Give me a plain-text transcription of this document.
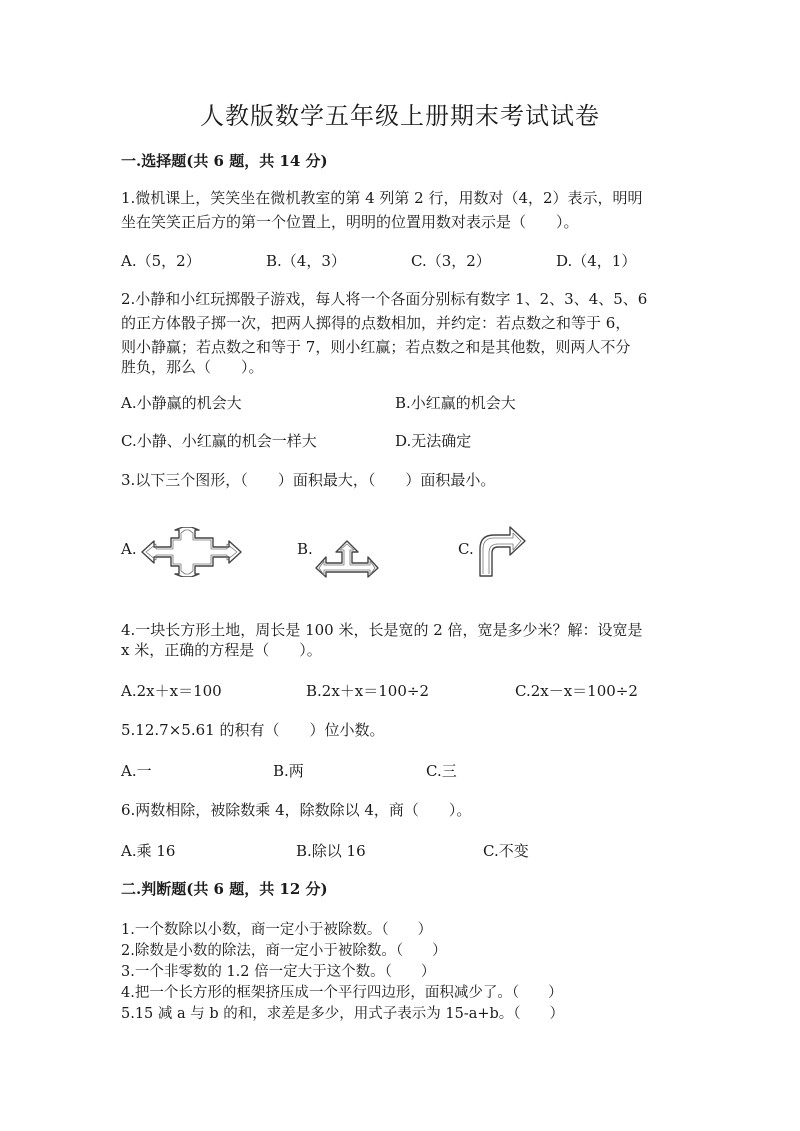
人教版数学五年级上册期末考试试卷
一.选择题(共 6 题，共 14 分)
1.微机课上，笑笑坐在微机教室的第 4 列第 2 行，用数对（4，2）表示，明明
坐在笑笑正后方的第一个位置上，明明的位置用数对表示是（　　）。
A.（5，2）	B.（4，3）	C.（3，2）	D.（4，1）
2.小静和小红玩掷骰子游戏，每人将一个各面分别标有数字 1、2、3、4、5、6
的正方体骰子掷一次，把两人掷得的点数相加，并约定：若点数之和等于 6，
则小静赢；若点数之和等于 7，则小红赢；若点数之和是其他数，则两人不分
胜负，那么（　　）。
A.小静赢的机会大	B.小红赢的机会大
C.小静、小红赢的机会一样大	D.无法确定
3.以下三个图形，（　　）面积最大，（　　）面积最小。
A.	B.	C.
4.一块长方形土地，周长是 100 米，长是宽的 2 倍，宽是多少米？解：设宽是
x 米，正确的方程是（　　）。
A.2x＋x＝100	B.2x＋x＝100÷2	C.2x－x＝100÷2
5.12.7×5.61 的积有（　　）位小数。
A.一	B.两	C.三
6.两数相除，被除数乘 4，除数除以 4，商（　　）。
A.乘 16	B.除以 16	C.不变
二.判断题(共 6 题，共 12 分)
1.一个数除以小数，商一定小于被除数。（　　）
2.除数是小数的除法，商一定小于被除数。（　　）
3.一个非零数的 1.2 倍一定大于这个数。（　　）
4.把一个长方形的框架挤压成一个平行四边形，面积减少了。（　　）
5.15 减 a 与 b 的和，求差是多少，用式子表示为 15-a+b。（　　）
